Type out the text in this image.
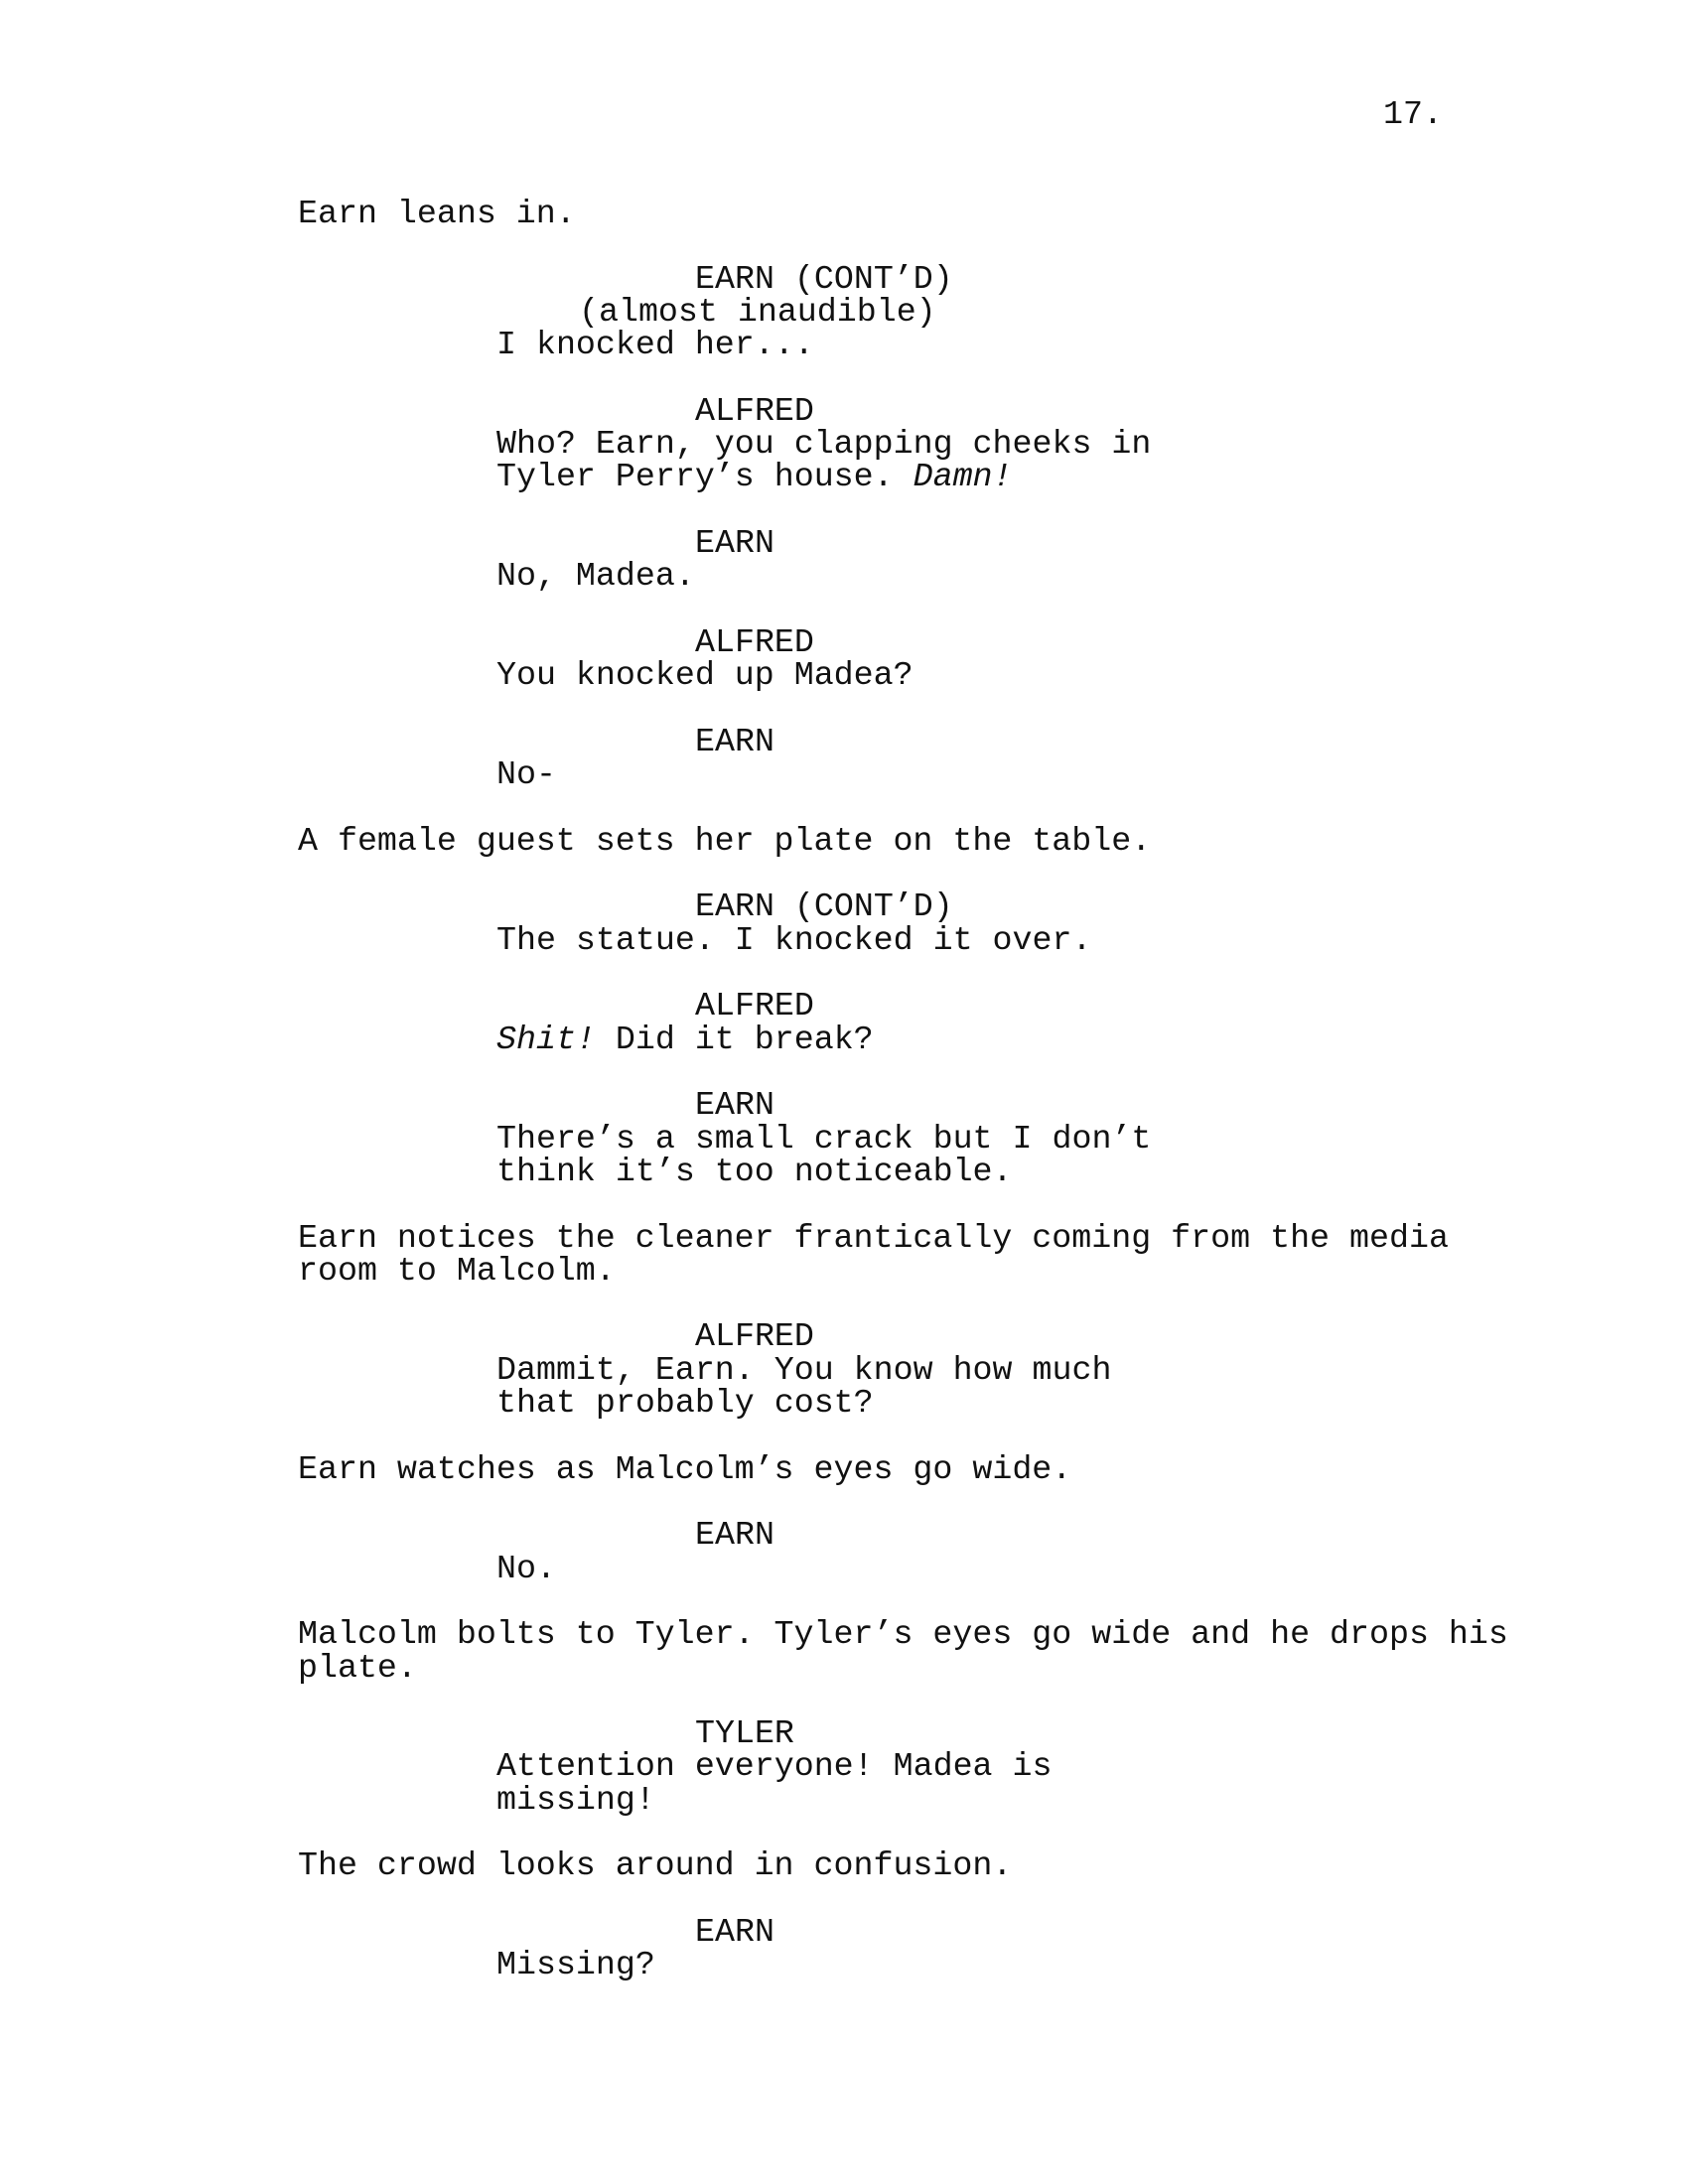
17.
Earn leans in.
EARN (CONT’D)
(almost inaudible)
I knocked her...
ALFRED
Who? Earn, you clapping cheeks in
Tyler Perry’s house. Damn!
EARN
No, Madea.
ALFRED
You knocked up Madea?
EARN
No-
A female guest sets her plate on the table.
EARN (CONT’D)
The statue. I knocked it over.
ALFRED
Shit! Did it break?
EARN
There’s a small crack but I don’t
think it’s too noticeable.
Earn notices the cleaner frantically coming from the media
room to Malcolm.
ALFRED
Dammit, Earn. You know how much
that probably cost?
Earn watches as Malcolm’s eyes go wide.
EARN
No.
Malcolm bolts to Tyler. Tyler’s eyes go wide and he drops his
plate.
TYLER
Attention everyone! Madea is
missing!
The crowd looks around in confusion.
EARN
Missing?
